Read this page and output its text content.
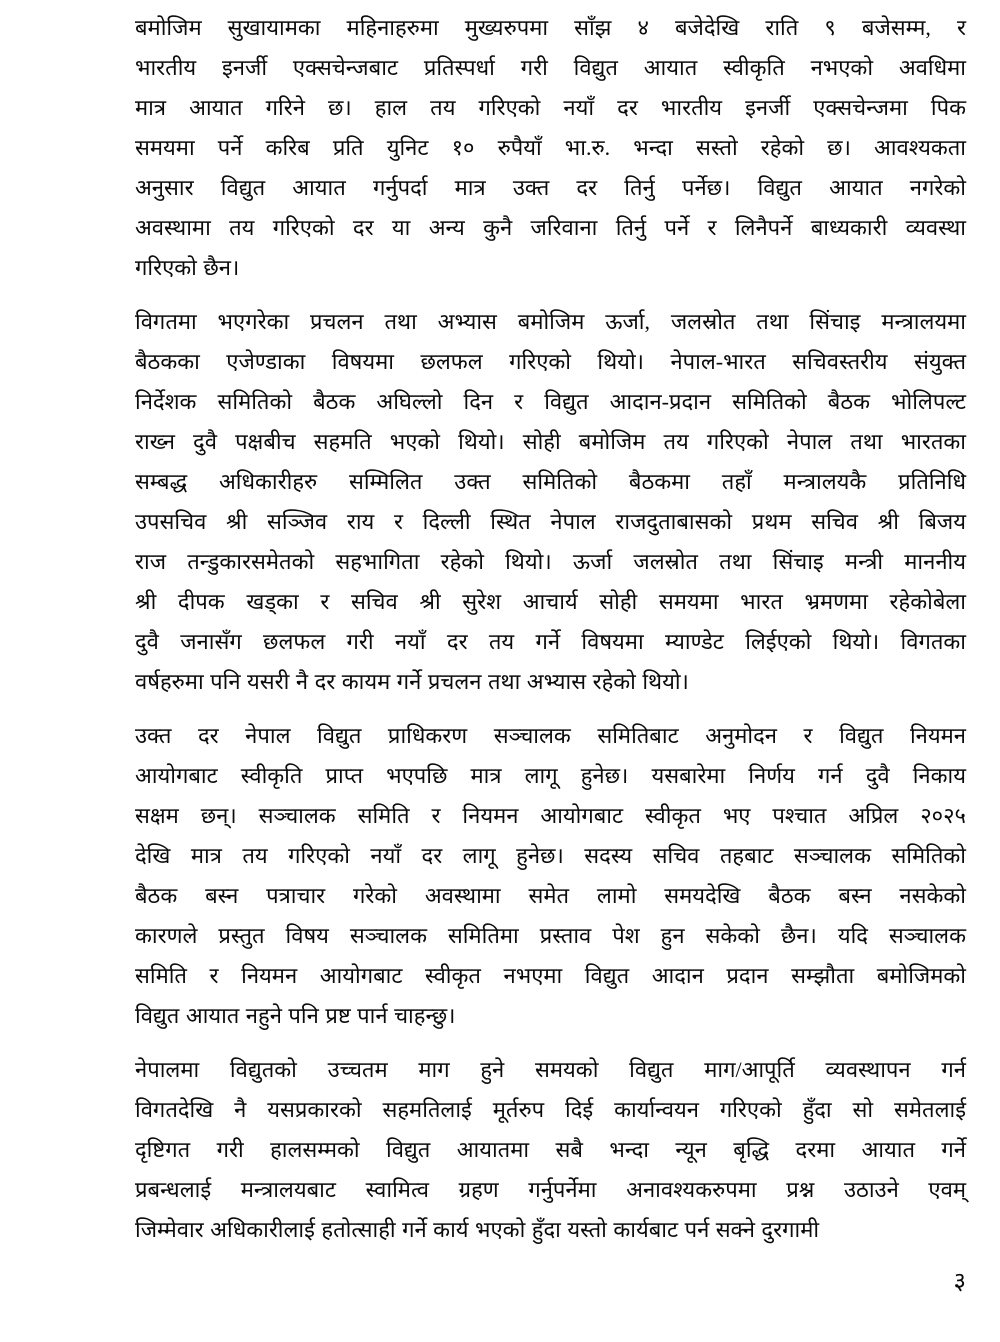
बमोजिम सुखायामका महिनाहरुमा मुख्यरुपमा साँझ ४ बजेदेखि राति ९ बजेसम्म, र
भारतीय इनर्जी एक्सचेन्जबाट प्रतिस्पर्धा गरी विद्युत आयात स्वीकृति नभएको अवधिमा
मात्र आयात गरिने छ। हाल तय गरिएको नयाँ दर भारतीय इनर्जी एक्सचेन्जमा पिक
समयमा पर्ने करिब प्रति युनिट १० रुपैयाँ भा.रु. भन्दा सस्तो रहेको छ। आवश्यकता
अनुसार विद्युत आयात गर्नुपर्दा मात्र उक्त दर तिर्नु पर्नेछ। विद्युत आयात नगरेको
अवस्थामा तय गरिएको दर या अन्य कुनै जरिवाना तिर्नु पर्ने र लिनैपर्ने बाध्यकारी व्यवस्था
गरिएको छैन।
विगतमा भएगरेका प्रचलन तथा अभ्यास बमोजिम ऊर्जा, जलस्रोत तथा सिंचाइ मन्त्रालयमा
बैठकका एजेण्डाका विषयमा छलफल गरिएको थियो। नेपाल-भारत सचिवस्तरीय संयुक्त
निर्देशक समितिको बैठक अघिल्लो दिन र विद्युत आदान-प्रदान समितिको बैठक भोलिपल्ट
राख्न दुवै पक्षबीच सहमति भएको थियो। सोही बमोजिम तय गरिएको नेपाल तथा भारतका
सम्बद्ध अधिकारीहरु सम्मिलित उक्त समितिको बैठकमा तहाँ मन्त्रालयकै प्रतिनिधि
उपसचिव श्री सञ्जिव राय र दिल्ली स्थित नेपाल राजदुताबासको प्रथम सचिव श्री बिजय
राज तन्डुकारसमेतको सहभागिता रहेको थियो। ऊर्जा जलस्रोत तथा सिंचाइ मन्त्री माननीय
श्री दीपक खड्का र सचिव श्री सुरेश आचार्य सोही समयमा भारत भ्रमणमा रहेकोबेला
दुवै जनासँग छलफल गरी नयाँ दर तय गर्ने विषयमा म्याण्डेट लिईएको थियो। विगतका
वर्षहरुमा पनि यसरी नै दर कायम गर्ने प्रचलन तथा अभ्यास रहेको थियो।
उक्त दर नेपाल विद्युत प्राधिकरण सञ्चालक समितिबाट अनुमोदन र विद्युत नियमन
आयोगबाट स्वीकृति प्राप्त भएपछि मात्र लागू हुनेछ। यसबारेमा निर्णय गर्न दुवै निकाय
सक्षम छन्। सञ्चालक समिति र नियमन आयोगबाट स्वीकृत भए पश्चात अप्रिल २०२५
देखि मात्र तय गरिएको नयाँ दर लागू हुनेछ। सदस्य सचिव तहबाट सञ्चालक समितिको
बैठक बस्न पत्राचार गरेको अवस्थामा समेत लामो समयदेखि बैठक बस्न नसकेको
कारणले प्रस्तुत विषय सञ्चालक समितिमा प्रस्ताव पेश हुन सकेको छैन। यदि सञ्चालक
समिति र नियमन आयोगबाट स्वीकृत नभएमा विद्युत आदान प्रदान सम्झौता बमोजिमको
विद्युत आयात नहुने पनि प्रष्ट पार्न चाहन्छु।
नेपालमा विद्युतको उच्चतम माग हुने समयको विद्युत माग/आपूर्ति व्यवस्थापन गर्न
विगतदेखि नै यसप्रकारको सहमतिलाई मूर्तरुप दिई कार्यान्वयन गरिएको हुँदा सो समेतलाई
दृष्टिगत गरी हालसम्मको विद्युत आयातमा सबै भन्दा न्यून बृद्धि दरमा आयात गर्ने
प्रबन्धलाई मन्त्रालयबाट स्वामित्व ग्रहण गर्नुपर्नेमा अनावश्यकरुपमा प्रश्न उठाउने एवम्
जिम्मेवार अधिकारीलाई हतोत्साही गर्ने कार्य भएको हुँदा यस्तो कार्यबाट पर्न सक्ने दुरगामी
३
